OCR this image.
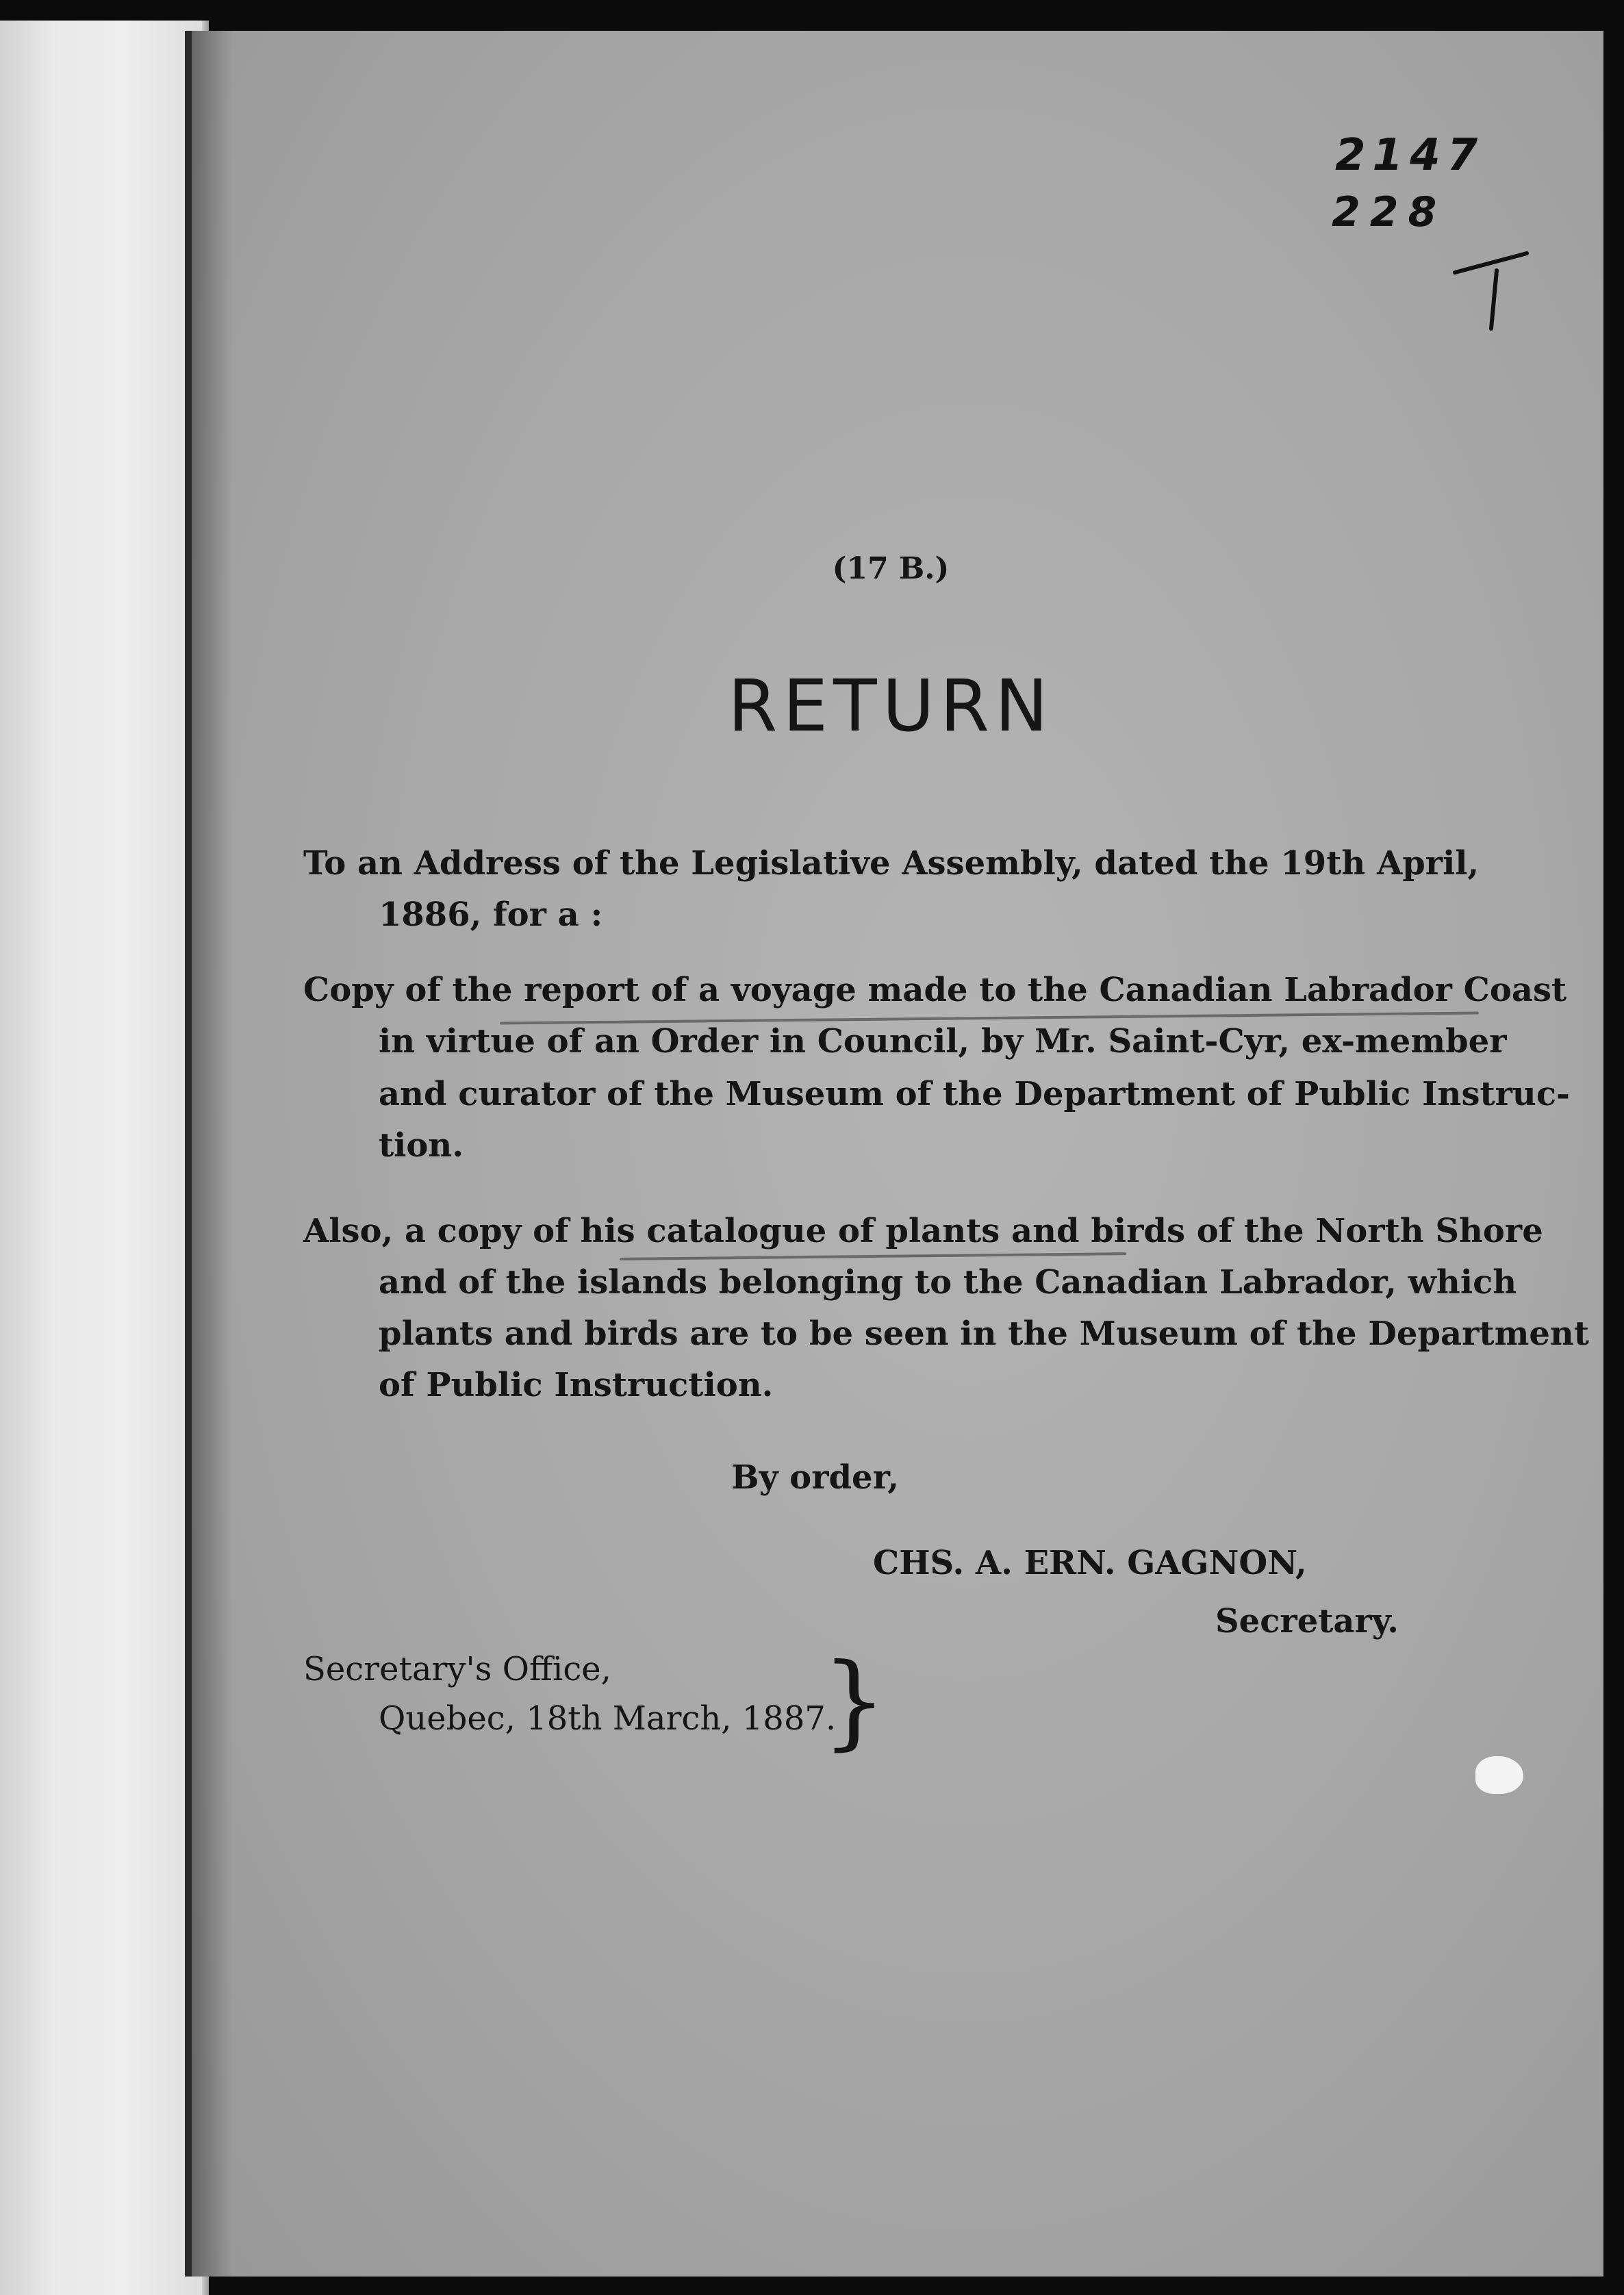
2147
228
(17 B.)
RETURN
To an Address of the Legislative Assembly, dated the 19th April,
1886, for a :
Copy of the report of a voyage made to the Canadian Labrador Coast
in virtue of an Order in Council, by Mr. Saint-Cyr, ex-member
and curator of the Museum of the Department of Public Instruc-
tion.
Also, a copy of his catalogue of plants and birds of the North Shore
and of the islands belonging to the Canadian Labrador, which
plants and birds are to be seen in the Museum of the Department
of Public Instruction.
By order,
CHS. A. ERN. GAGNON,
Secretary.
Secretary's Office,
Quebec, 18th March, 1887.
}
